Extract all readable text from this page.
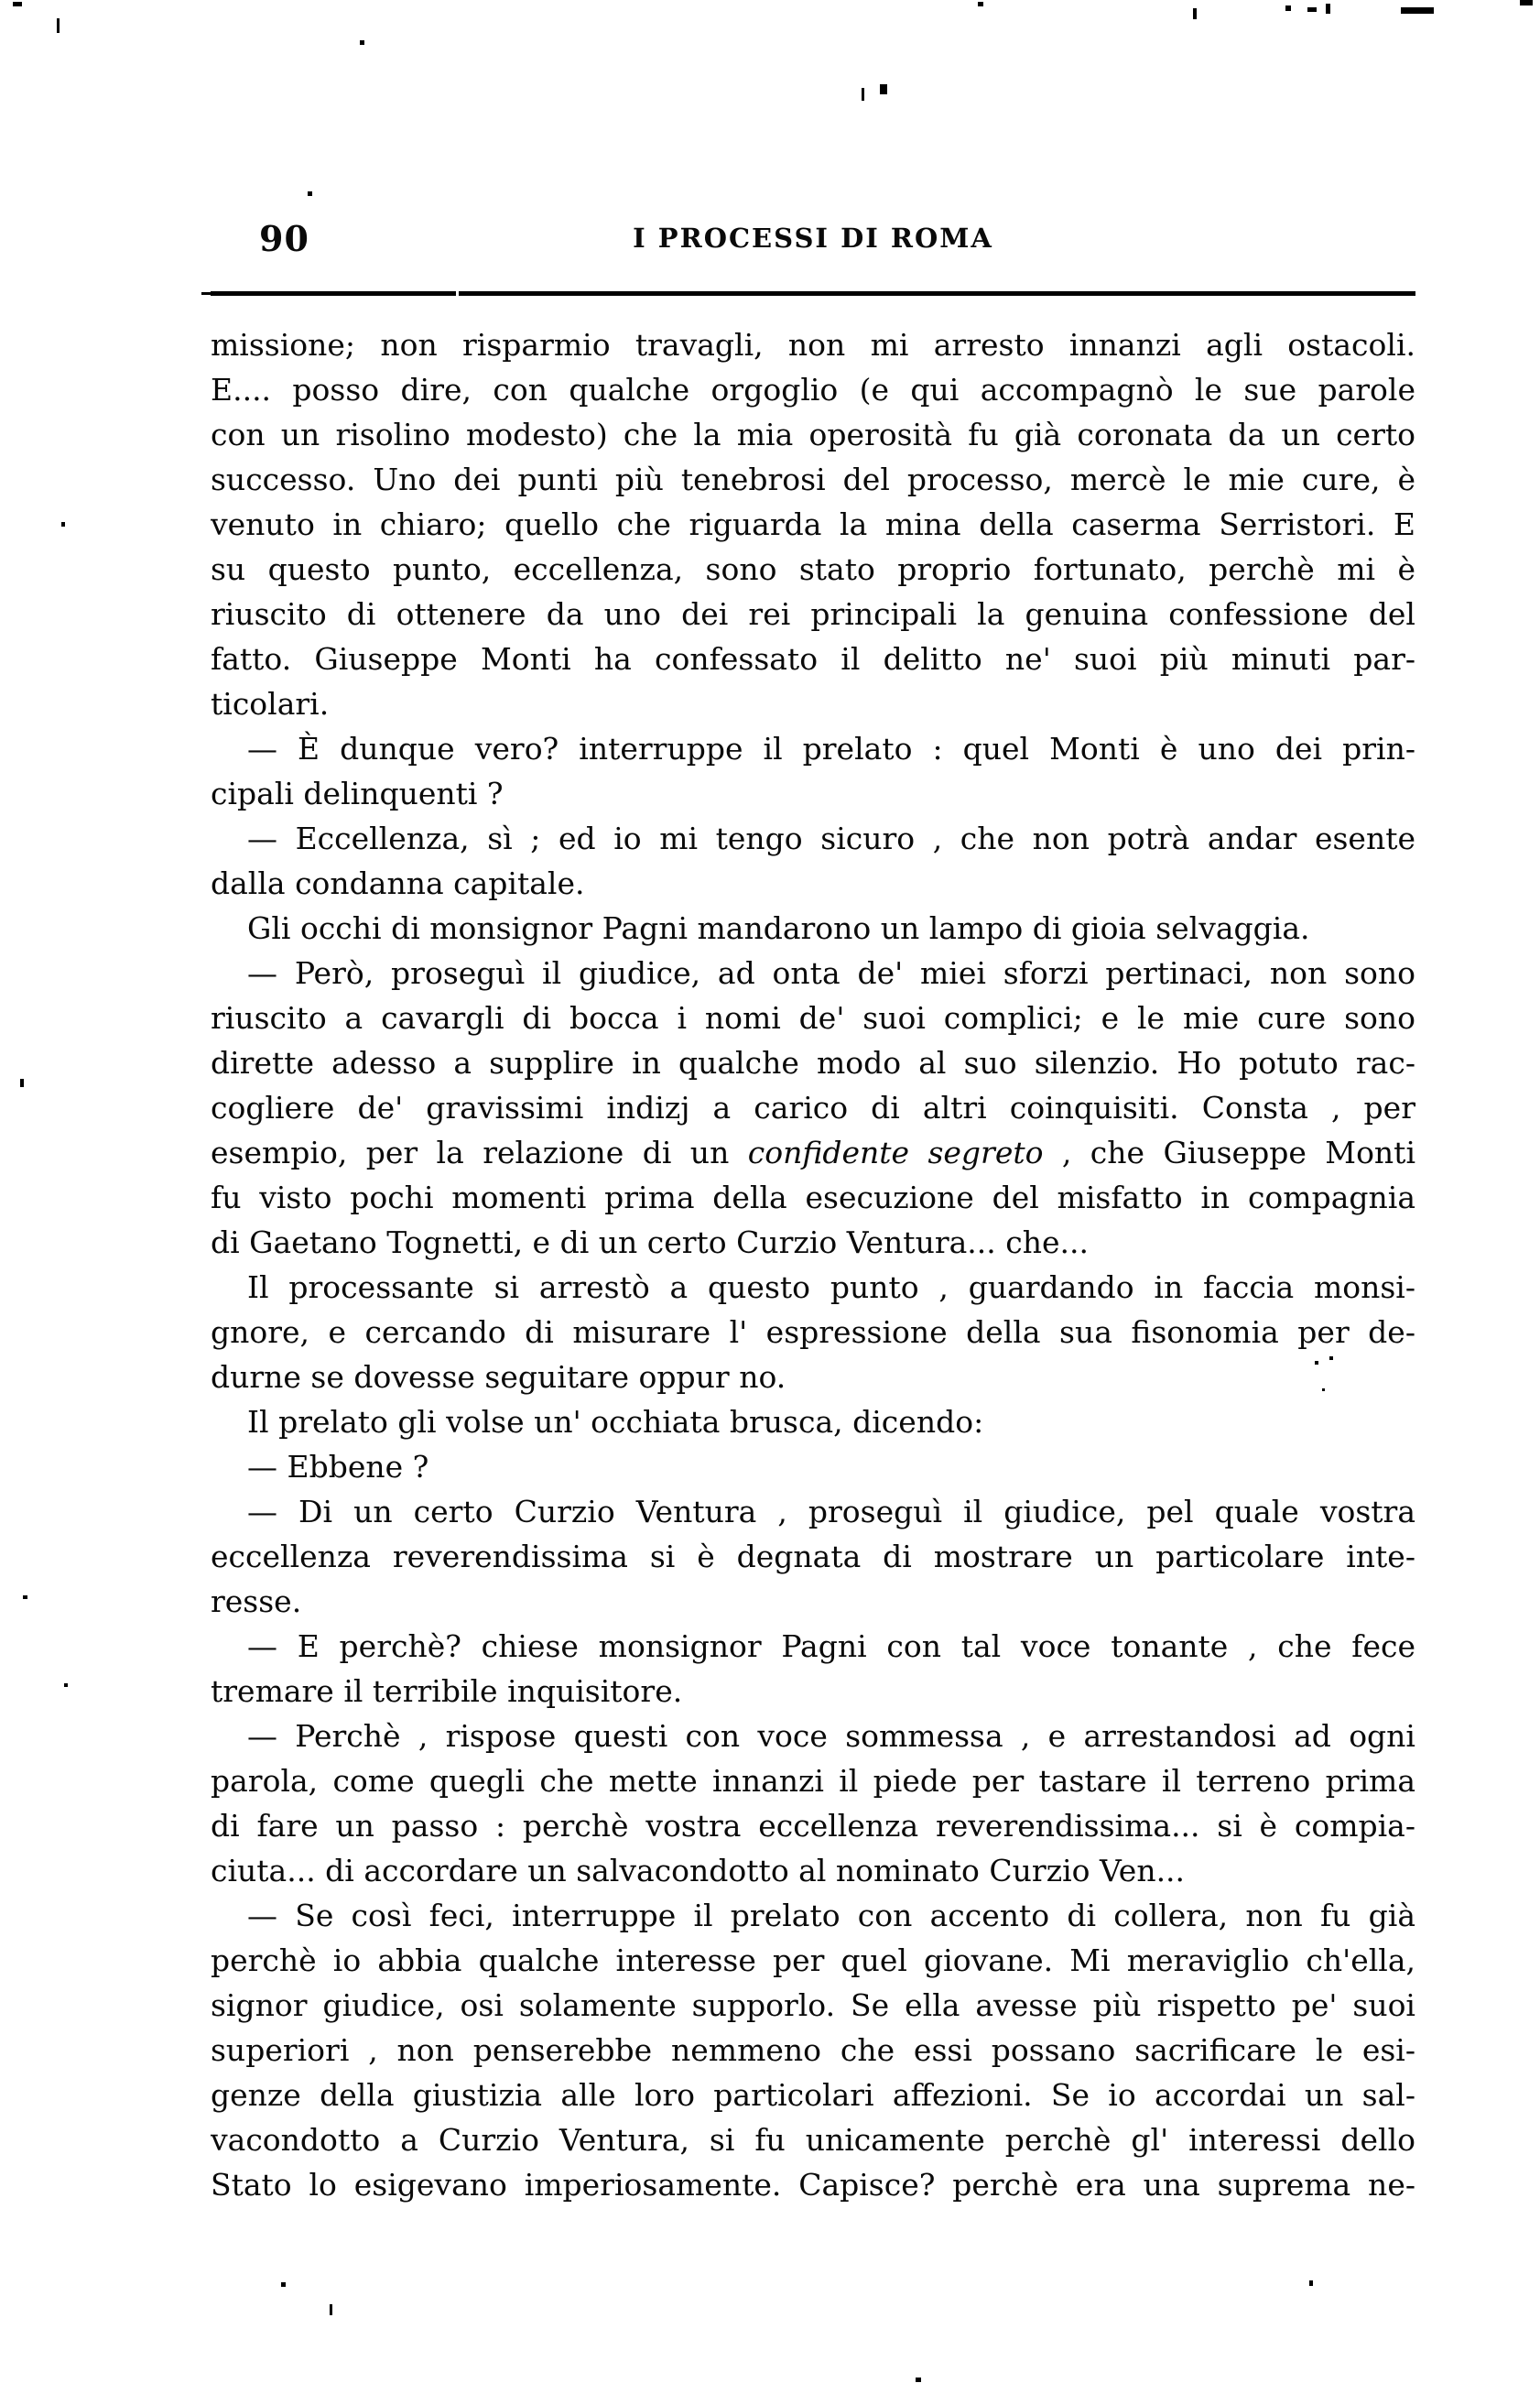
90	I PROCESSI DI ROMA
missione; non risparmio travagli, non mi arresto innanzi agli ostacoli.
E.... posso dire, con qualche orgoglio (e qui accompagnò le sue parole
con un risolino modesto) che la mia operosità fu già coronata da un certo
successo. Uno dei punti più tenebrosi del processo, mercè le mie cure, è
venuto in chiaro; quello che riguarda la mina della caserma Serristori. E
su questo punto, eccellenza, sono stato proprio fortunato, perchè mi è
riuscito di ottenere da uno dei rei principali la genuina confessione del
fatto. Giuseppe Monti ha confessato il delitto ne' suoi più minuti par-
ticolari.
— È dunque vero? interruppe il prelato : quel Monti è uno dei prin-
cipali delinquenti ?
— Eccellenza, sì ; ed io mi tengo sicuro , che non potrà andar esente
dalla condanna capitale.
Gli occhi di monsignor Pagni mandarono un lampo di gioia selvaggia.
— Però, proseguì il giudice, ad onta de' miei sforzi pertinaci, non sono
riuscito a cavargli di bocca i nomi de' suoi complici; e le mie cure sono
dirette adesso a supplire in qualche modo al suo silenzio. Ho potuto rac-
cogliere de' gravissimi indizj a carico di altri coinquisiti. Consta , per
esempio, per la relazione di un confidente segreto , che Giuseppe Monti
fu visto pochi momenti prima della esecuzione del misfatto in compagnia
di Gaetano Tognetti, e di un certo Curzio Ventura... che...
Il processante si arrestò a questo punto , guardando in faccia monsi-
gnore, e cercando di misurare l' espressione della sua fisonomia per de-
durne se dovesse seguitare oppur no.
Il prelato gli volse un' occhiata brusca, dicendo:
— Ebbene ?
— Di un certo Curzio Ventura , proseguì il giudice, pel quale vostra
eccellenza reverendissima si è degnata di mostrare un particolare inte-
resse.
— E perchè? chiese monsignor Pagni con tal voce tonante , che fece
tremare il terribile inquisitore.
— Perchè , rispose questi con voce sommessa , e arrestandosi ad ogni
parola, come quegli che mette innanzi il piede per tastare il terreno prima
di fare un passo : perchè vostra eccellenza reverendissima... si è compia-
ciuta... di accordare un salvacondotto al nominato Curzio Ven...
— Se così feci, interruppe il prelato con accento di collera, non fu già
perchè io abbia qualche interesse per quel giovane. Mi meraviglio ch'ella,
signor giudice, osi solamente supporlo. Se ella avesse più rispetto pe' suoi
superiori , non penserebbe nemmeno che essi possano sacrificare le esi-
genze della giustizia alle loro particolari affezioni. Se io accordai un sal-
vacondotto a Curzio Ventura, si fu unicamente perchè gl' interessi dello
Stato lo esigevano imperiosamente. Capisce? perchè era una suprema ne-
